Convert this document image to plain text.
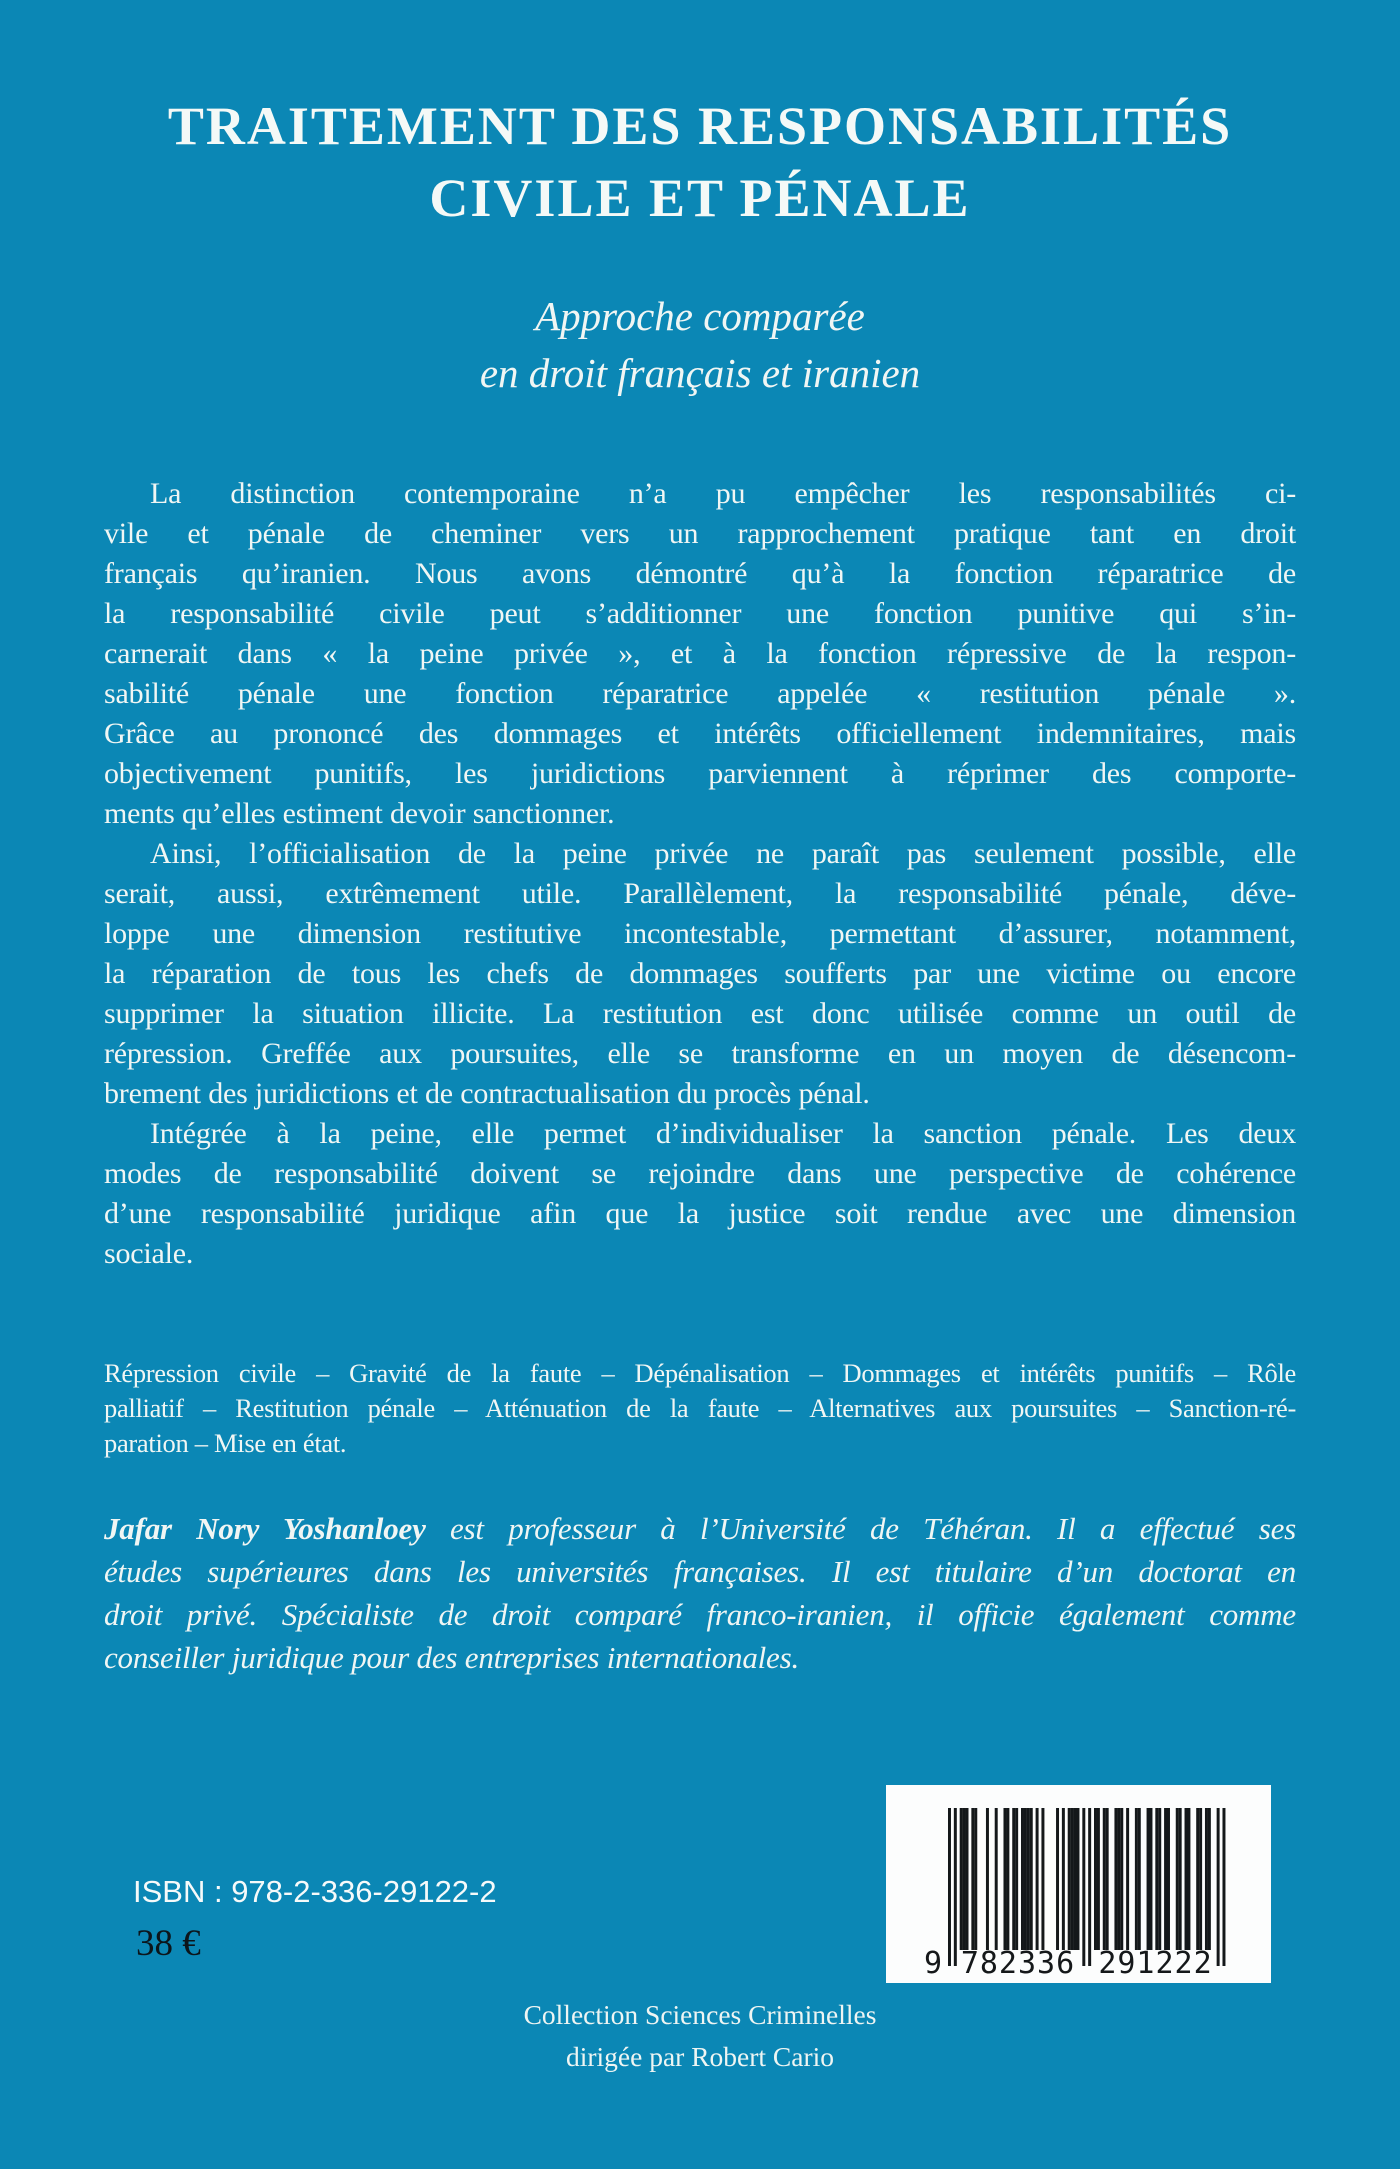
TRAITEMENT DES RESPONSABILITÉS
CIVILE ET PÉNALE
Approche comparée
en droit français et iranien
La distinction contemporaine n’a pu empêcher les responsabilités ci-
vile et pénale de cheminer vers un rapprochement pratique tant en droit
français qu’iranien. Nous avons démontré qu’à la fonction réparatrice de
la responsabilité civile peut s’additionner une fonction punitive qui s’in-
carnerait dans « la peine privée », et à la fonction répressive de la respon-
sabilité pénale une fonction réparatrice appelée « restitution pénale ».
Grâce au prononcé des dommages et intérêts officiellement indemnitaires, mais
objectivement punitifs, les juridictions parviennent à réprimer des comporte-
ments qu’elles estiment devoir sanctionner.
Ainsi, l’officialisation de la peine privée ne paraît pas seulement possible, elle
serait, aussi, extrêmement utile. Parallèlement, la responsabilité pénale, déve-
loppe une dimension restitutive incontestable, permettant d’assurer, notamment,
la réparation de tous les chefs de dommages soufferts par une victime ou encore
supprimer la situation illicite. La restitution est donc utilisée comme un outil de
répression. Greffée aux poursuites, elle se transforme en un moyen de désencom-
brement des juridictions et de contractualisation du procès pénal.
Intégrée à la peine, elle permet d’individualiser la sanction pénale. Les deux
modes de responsabilité doivent se rejoindre dans une perspective de cohérence
d’une responsabilité juridique afin que la justice soit rendue avec une dimension
sociale.
Répression civile – Gravité de la faute – Dépénalisation – Dommages et intérêts punitifs – Rôle
palliatif – Restitution pénale – Atténuation de la faute – Alternatives aux poursuites – Sanction-ré-
paration – Mise en état.
Jafar Nory Yoshanloey est professeur à l’Université de Téhéran. Il a effectué ses
études supérieures dans les universités françaises. Il est titulaire d’un doctorat en
droit privé. Spécialiste de droit comparé franco-iranien, il officie également comme
conseiller juridique pour des entreprises internationales.
ISBN : 978-2-336-29122-2
38 €	9 782336 291222
Collection Sciences Criminelles
dirigée par Robert Cario
